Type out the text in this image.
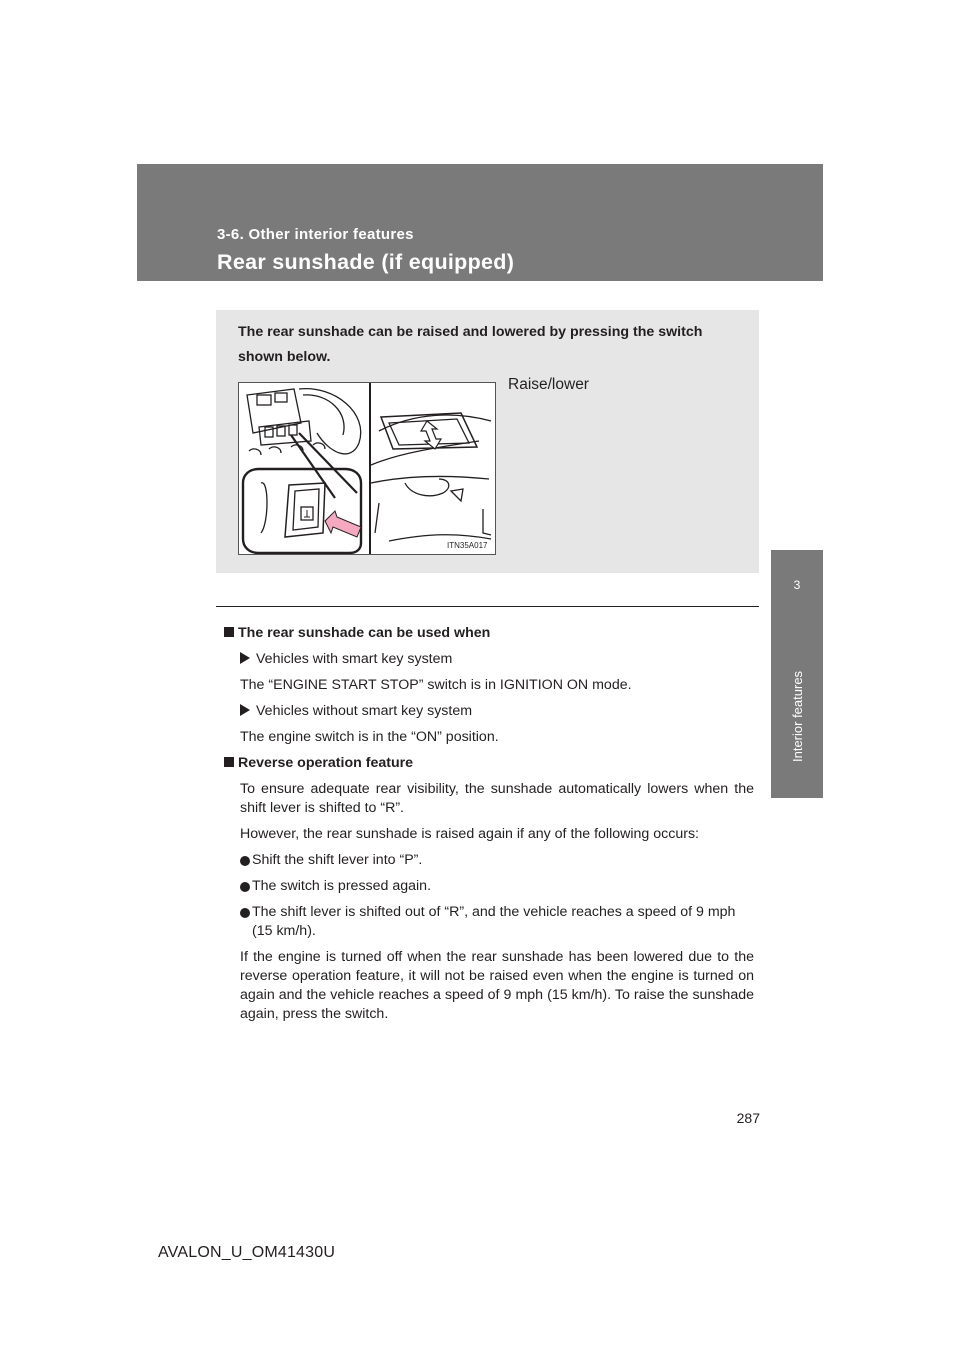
3-6. Other interior features
Rear sunshade (if equipped)
3
Interior features
The rear sunshade can be raised and lowered by pressing the switch shown below.
ITN35A017
Raise/lower

The rear sunshade can be used when

Vehicles with smart key system

The “ENGINE START STOP” switch is in IGNITION ON mode.

Vehicles without smart key system

The engine switch is in the “ON” position.

Reverse operation feature

To ensure adequate rear visibility, the sunshade automatically lowers when the shift lever is shifted to “R”.

However, the rear sunshade is raised again if any of the following occurs:

Shift the shift lever into “P”.

The switch is pressed again.

The shift lever is shifted out of “R”, and the vehicle reaches a speed of 9 mph (15 km/h).

If the engine is turned off when the rear sunshade has been lowered due to the reverse operation feature, it will not be raised even when the engine is turned on again and the vehicle reaches a speed of 9 mph (15 km/h). To raise the sunshade again, press the switch.

287
AVALON_U_OM41430U
